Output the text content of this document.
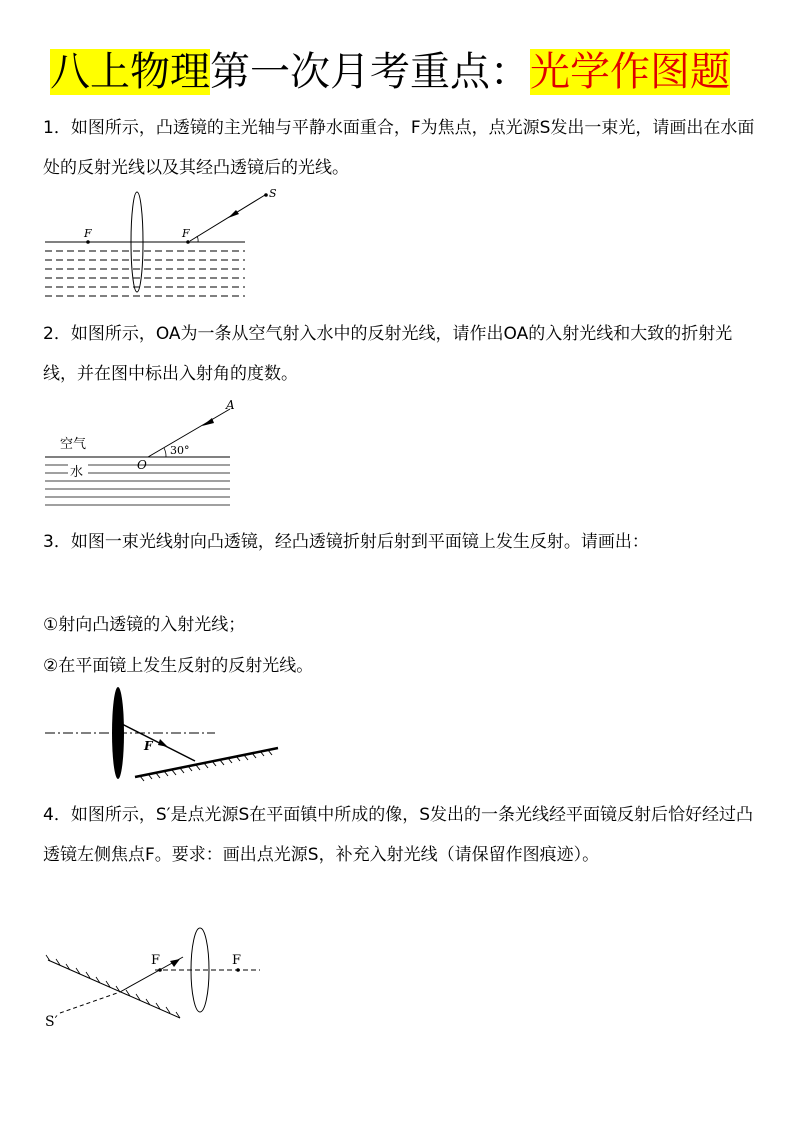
八上物理第一次月考重点：光学作图题
1．如图所示，凸透镜的主光轴与平静水面重合，F为焦点，点光源S发出一束光，请画出在水面处的反射光线以及其经凸透镜后的光线。
F	F
S
2．如图所示，OA为一条从空气射入水中的反射光线，请作出OA的入射光线和大致的折射光线，并在图中标出入射角的度数。
空气
水
30°
O
A
3．如图一束光线射向凸透镜，经凸透镜折射后射到平面镜上发生反射。请画出：
①射向凸透镜的入射光线；
②在平面镜上发生反射的反射光线。
F
4．如图所示，S′是点光源S在平面镇中所成的像，S发出的一条光线经平面镜反射后恰好经过凸透镜左侧焦点F。要求：画出点光源S，补充入射光线（请保留作图痕迹）。
F	F
S′
